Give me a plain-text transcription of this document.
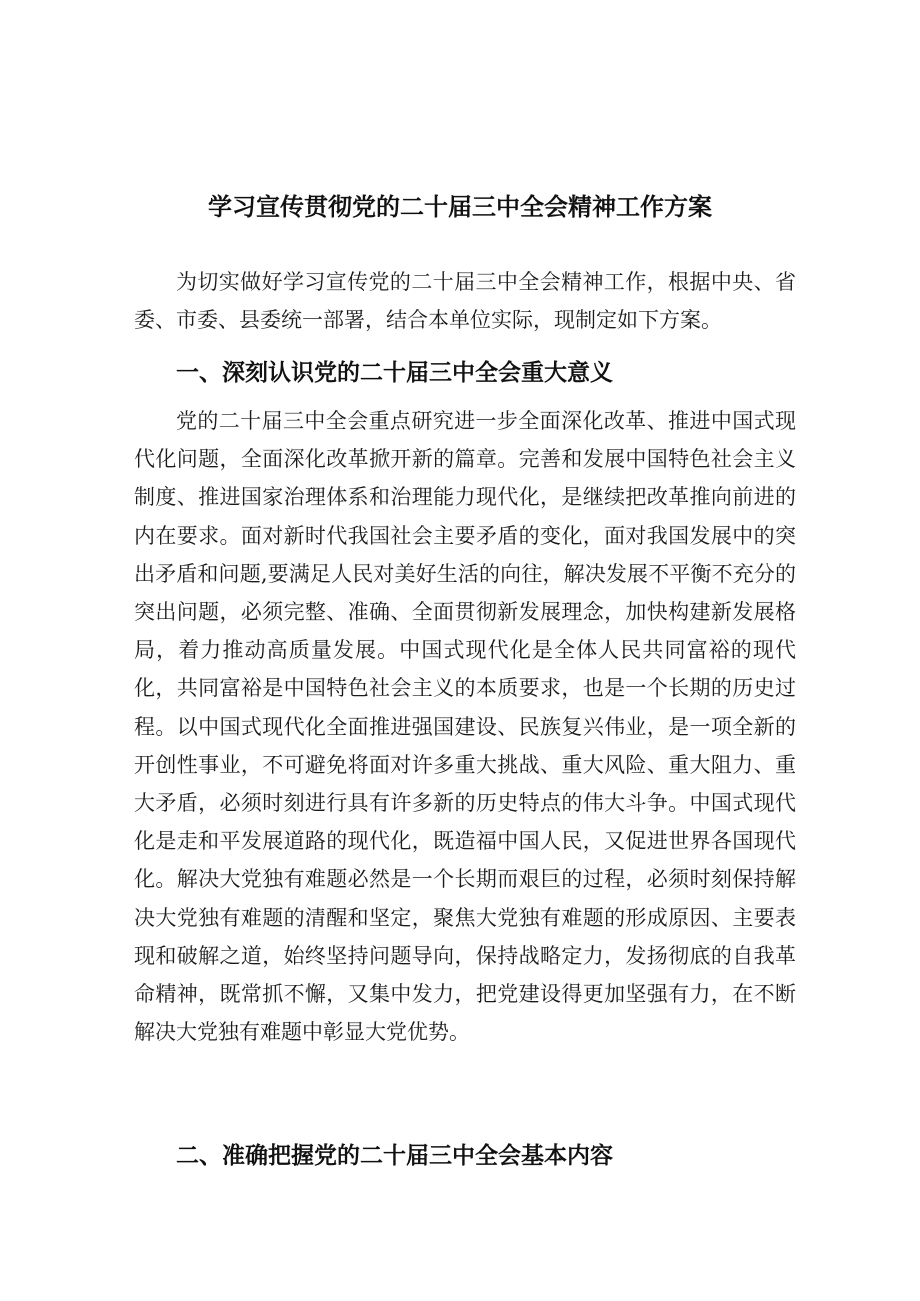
学习宣传贯彻党的二十届三中全会精神工作方案

为切实做好学习宣传党的二十届三中全会精神工作，根据中央、省委、市委、县委统一部署，结合本单位实际，现制定如下方案。

一、深刻认识党的二十届三中全会重大意义

党的二十届三中全会重点研究进一步全面深化改革、推进中国式现代化问题，全面深化改革掀开新的篇章。完善和发展中国特色社会主义制度、推进国家治理体系和治理能力现代化，是继续把改革推向前进的内在要求。面对新时代我国社会主要矛盾的变化，面对我国发展中的突出矛盾和问题,要满足人民对美好生活的向往，解决发展不平衡不充分的突出问题，必须完整、准确、全面贯彻新发展理念，加快构建新发展格局，着力推动高质量发展。中国式现代化是全体人民共同富裕的现代化，共同富裕是中国特色社会主义的本质要求，也是一个长期的历史过程。以中国式现代化全面推进强国建设、民族复兴伟业，是一项全新的开创性事业，不可避免将面对许多重大挑战、重大风险、重大阻力、重大矛盾，必须时刻进行具有许多新的历史特点的伟大斗争。中国式现代化是走和平发展道路的现代化，既造福中国人民，又促进世界各国现代化。解决大党独有难题必然是一个长期而艰巨的过程，必须时刻保持解决大党独有难题的清醒和坚定，聚焦大党独有难题的形成原因、主要表现和破解之道，始终坚持问题导向，保持战略定力，发扬彻底的自我革命精神，既常抓不懈，又集中发力，把党建设得更加坚强有力，在不断解决大党独有难题中彰显大党优势。

二、准确把握党的二十届三中全会基本内容
